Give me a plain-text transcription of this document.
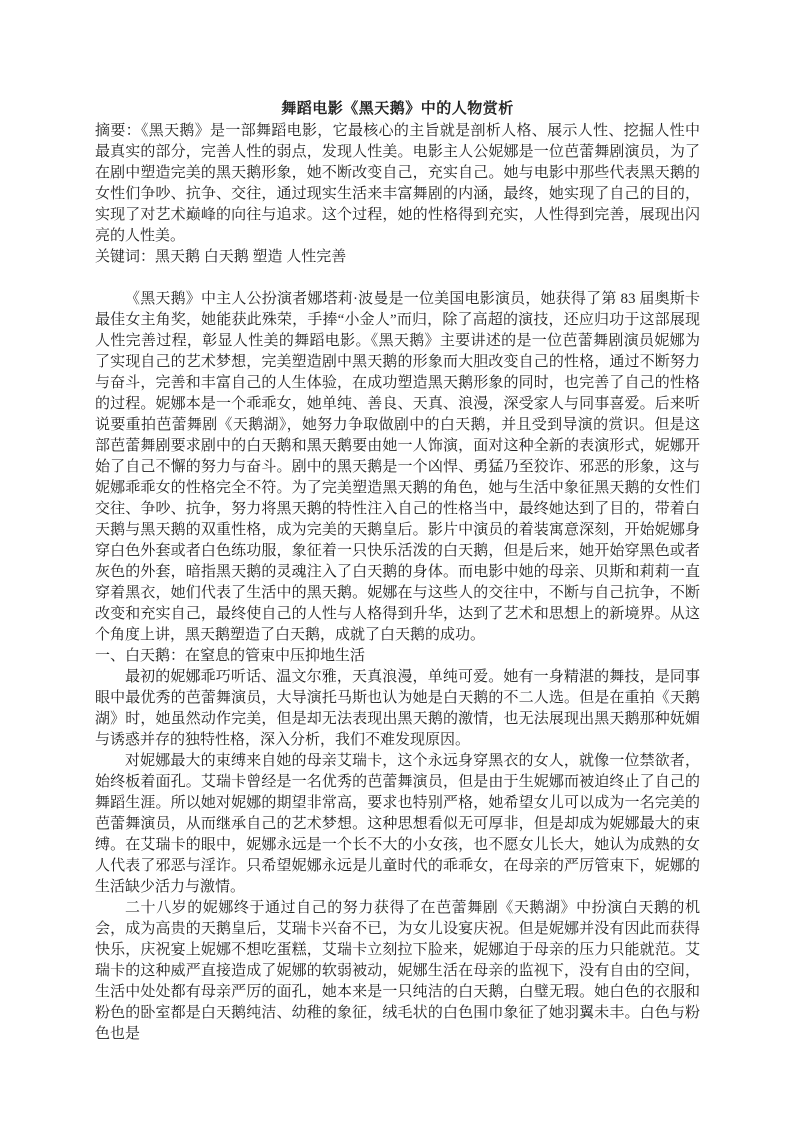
舞蹈电影《黑天鹅》中的人物赏析

摘要：《黑天鹅》是一部舞蹈电影，它最核心的主旨就是剖析人格、展示人性、挖掘人性中最真实的部分，完善人性的弱点，发现人性美。电影主人公妮娜是一位芭蕾舞剧演员，为了在剧中塑造完美的黑天鹅形象，她不断改变自己，充实自己。她与电影中那些代表黑天鹅的女性们争吵、抗争、交往，通过现实生活来丰富舞剧的内涵，最终，她实现了自己的目的，实现了对艺术巅峰的向往与追求。这个过程，她的性格得到充实，人性得到完善，展现出闪亮的人性美。

关键词：黑天鹅 白天鹅 塑造 人性完善

《黑天鹅》中主人公扮演者娜塔莉·波曼是一位美国电影演员，她获得了第 83 届奥斯卡最佳女主角奖，她能获此殊荣，手捧“小金人”而归，除了高超的演技，还应归功于这部展现人性完善过程，彰显人性美的舞蹈电影。《黑天鹅》主要讲述的是一位芭蕾舞剧演员妮娜为了实现自己的艺术梦想，完美塑造剧中黑天鹅的形象而大胆改变自己的性格，通过不断努力与奋斗，完善和丰富自己的人生体验，在成功塑造黑天鹅形象的同时，也完善了自己的性格的过程。妮娜本是一个乖乖女，她单纯、善良、天真、浪漫，深受家人与同事喜爱。后来听说要重拍芭蕾舞剧《天鹅湖》，她努力争取做剧中的白天鹅，并且受到导演的赏识。但是这部芭蕾舞剧要求剧中的白天鹅和黑天鹅要由她一人饰演，面对这种全新的表演形式，妮娜开始了自己不懈的努力与奋斗。剧中的黑天鹅是一个凶悍、勇猛乃至狡诈、邪恶的形象，这与妮娜乖乖女的性格完全不符。为了完美塑造黑天鹅的角色，她与生活中象征黑天鹅的女性们交往、争吵、抗争，努力将黑天鹅的特性注入自己的性格当中，最终她达到了目的，带着白天鹅与黑天鹅的双重性格，成为完美的天鹅皇后。影片中演员的着装寓意深刻，开始妮娜身穿白色外套或者白色练功服，象征着一只快乐活泼的白天鹅，但是后来，她开始穿黑色或者灰色的外套，暗指黑天鹅的灵魂注入了白天鹅的身体。而电影中她的母亲、贝斯和莉莉一直穿着黑衣，她们代表了生活中的黑天鹅。妮娜在与这些人的交往中，不断与自己抗争，不断改变和充实自己，最终使自己的人性与人格得到升华，达到了艺术和思想上的新境界。从这个角度上讲，黑天鹅塑造了白天鹅，成就了白天鹅的成功。

一、白天鹅：在窒息的管束中压抑地生活

最初的妮娜乖巧听话、温文尔雅，天真浪漫，单纯可爱。她有一身精湛的舞技，是同事眼中最优秀的芭蕾舞演员，大导演托马斯也认为她是白天鹅的不二人选。但是在重拍《天鹅湖》时，她虽然动作完美，但是却无法表现出黑天鹅的激情，也无法展现出黑天鹅那种妩媚与诱惑并存的独特性格，深入分析，我们不难发现原因。

对妮娜最大的束缚来自她的母亲艾瑞卡，这个永远身穿黑衣的女人，就像一位禁欲者，始终板着面孔。艾瑞卡曾经是一名优秀的芭蕾舞演员，但是由于生妮娜而被迫终止了自己的舞蹈生涯。所以她对妮娜的期望非常高，要求也特别严格，她希望女儿可以成为一名完美的芭蕾舞演员，从而继承自己的艺术梦想。这种思想看似无可厚非，但是却成为妮娜最大的束缚。在艾瑞卡的眼中，妮娜永远是一个长不大的小女孩，也不愿女儿长大，她认为成熟的女人代表了邪恶与淫诈。只希望妮娜永远是儿童时代的乖乖女，在母亲的严厉管束下，妮娜的生活缺少活力与激情。

二十八岁的妮娜终于通过自己的努力获得了在芭蕾舞剧《天鹅湖》中扮演白天鹅的机会，成为高贵的天鹅皇后，艾瑞卡兴奋不已，为女儿设宴庆祝。但是妮娜并没有因此而获得快乐，庆祝宴上妮娜不想吃蛋糕，艾瑞卡立刻拉下脸来，妮娜迫于母亲的压力只能就范。艾瑞卡的这种威严直接造成了妮娜的软弱被动，妮娜生活在母亲的监视下，没有自由的空间，生活中处处都有母亲严厉的面孔，她本来是一只纯洁的白天鹅，白璧无瑕。她白色的衣服和粉色的卧室都是白天鹅纯洁、幼稚的象征，绒毛状的白色围巾象征了她羽翼未丰。白色与粉色也是
